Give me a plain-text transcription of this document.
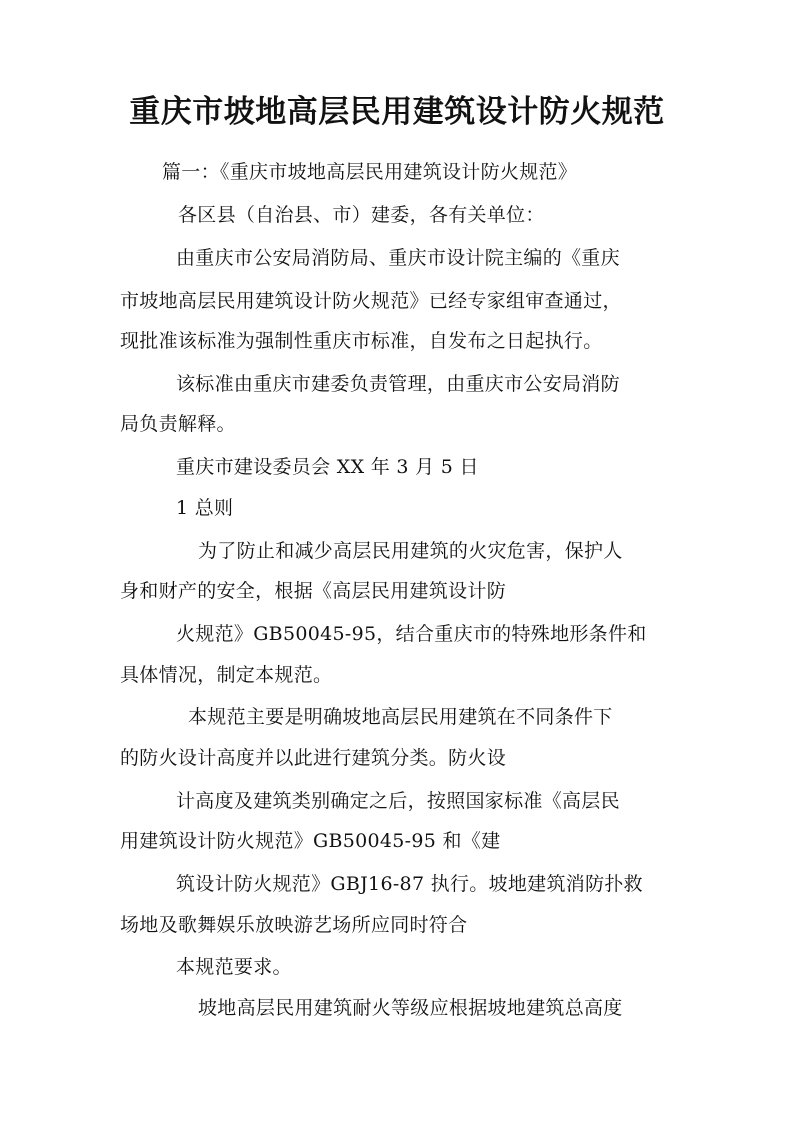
重庆市坡地高层民用建筑设计防火规范
篇一：《重庆市坡地高层民用建筑设计防火规范》
各区县（自治县、市）建委，各有关单位：
由重庆市公安局消防局、重庆市设计院主编的《重庆
市坡地高层民用建筑设计防火规范》已经专家组审查通过，
现批准该标准为强制性重庆市标准，自发布之日起执行。
该标准由重庆市建委负责管理，由重庆市公安局消防
局负责解释。
重庆市建设委员会 XX 年 3 月 5 日
1 总则
为了防止和减少高层民用建筑的火灾危害，保护人
身和财产的安全，根据《高层民用建筑设计防
火规范》GB50045-95，结合重庆市的特殊地形条件和
具体情况，制定本规范。
本规范主要是明确坡地高层民用建筑在不同条件下
的防火设计高度并以此进行建筑分类。防火设
计高度及建筑类别确定之后，按照国家标准《高层民
用建筑设计防火规范》GB50045-95 和《建
筑设计防火规范》GBJ16-87 执行。坡地建筑消防扑救
场地及歌舞娱乐放映游艺场所应同时符合
本规范要求。
坡地高层民用建筑耐火等级应根据坡地建筑总高度
